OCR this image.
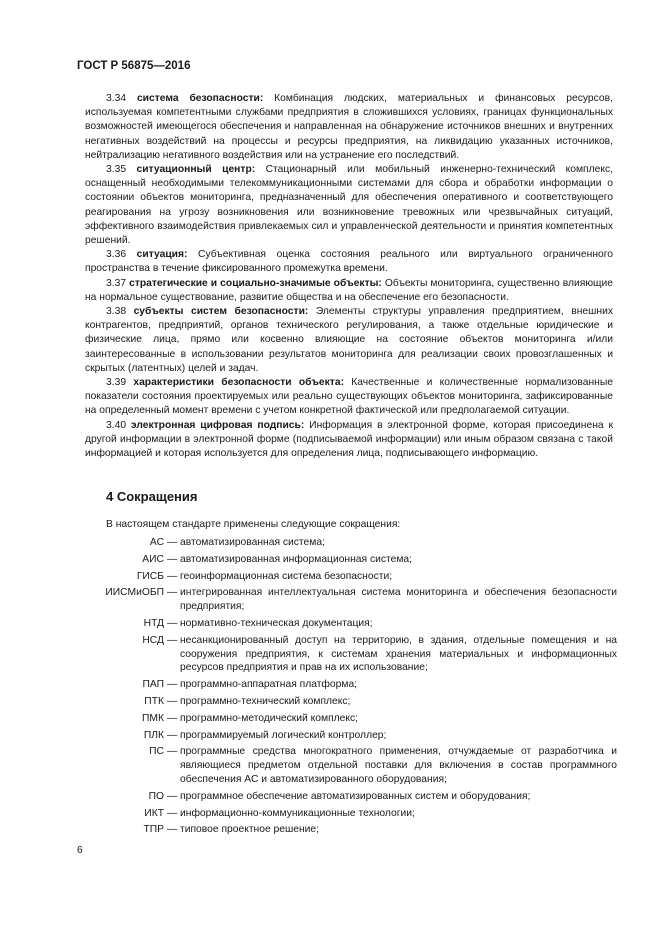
ГОСТ Р 56875—2016

3.34 система безопасности: Комбинация людских, материальных и финансовых ресурсов, используемая компетентными службами предприятия в сложившихся условиях, границах функциональных возможностей имеющегося обеспечения и направленная на обнаружение источников внешних и внутренних негативных воздействий на процессы и ресурсы предприятия, на ликвидацию указанных источников, нейтрализацию негативного воздействия или на устранение его последствий.

3.35 ситуационный центр: Стационарный или мобильный инженерно-технический комплекс, оснащенный необходимыми телекоммуникационными системами для сбора и обработки информации о состоянии объектов мониторинга, предназначенный для обеспечения оперативного и соответствующего реагирования на угрозу возникновения или возникновение тревожных или чрезвычайных ситуаций, эффективного взаимодействия привлекаемых сил и управленческой деятельности и принятия компетентных решений.

3.36 ситуация: Субъективная оценка состояния реального или виртуального ограниченного пространства в течение фиксированного промежутка времени.

3.37 стратегические и социально-значимые объекты: Объекты мониторинга, существенно влияющие на нормальное существование, развитие общества и на обеспечение его безопасности.

3.38 субъекты систем безопасности: Элементы структуры управления предприятием, внешних контрагентов, предприятий, органов технического регулирования, а также отдельные юридические и физические лица, прямо или косвенно влияющие на состояние объектов мониторинга и/или заинтересованные в использовании результатов мониторинга для реализации своих провозглашенных и скрытых (латентных) целей и задач.

3.39 характеристики безопасности объекта: Качественные и количественные нормализованные показатели состояния проектируемых или реально существующих объектов мониторинга, зафиксированные на определенный момент времени с учетом конкретной фактической или предполагаемой ситуации.

3.40 электронная цифровая подпись: Информация в электронной форме, которая присоединена к другой информации в электронной форме (подписываемой информации) или иным образом связана с такой информацией и которая используется для определения лица, подписывающего информацию.

4 Сокращения
В настоящем стандарте применены следующие сокращения:
АС — автоматизированная система;
АИС — автоматизированная информационная система;
ГИСБ — геоинформационная система безопасности;
ИИСМиОБП — интегрированная интеллектуальная система мониторинга и обеспечения безопасности предприятия;
НТД — нормативно-техническая документация;
НСД — несанкционированный доступ на территорию, в здания, отдельные помещения и на сооружения предприятия, к системам хранения материальных и информационных ресурсов предприятия и прав на их использование;
ПАП — программно-аппаратная платформа;
ПТК — программно-технический комплекс;
ПМК — программно-методический комплекс;
ПЛК — программируемый логический контроллер;
ПС — программные средства многократного применения, отчуждаемые от разработчика и являющиеся предметом отдельной поставки для включения в состав программного обеспечения АС и автоматизированного оборудования;
ПО — программное обеспечение автоматизированных систем и оборудования;
ИКТ — информационно-коммуникационные технологии;
ТПР — типовое проектное решение;
6
